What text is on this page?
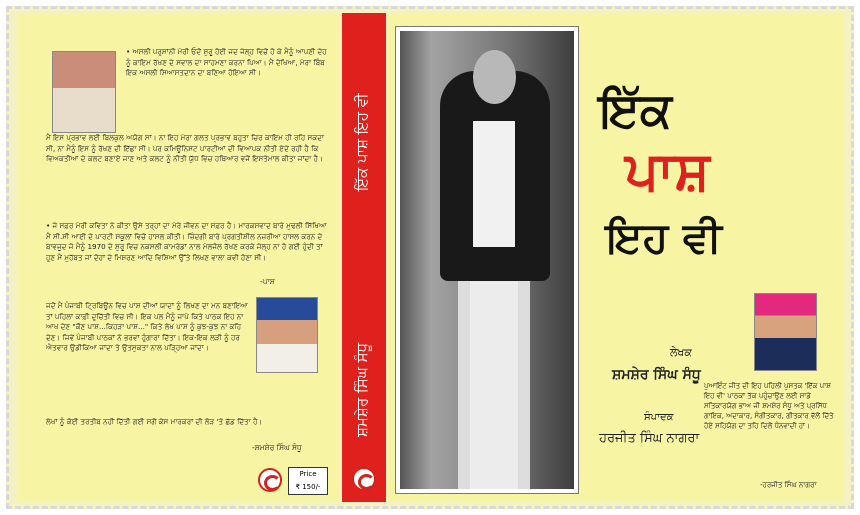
• ਅਸਲੀ ਪਰੁਸ਼ਾਂਨੀ ਮੇਰੀ ਓਦੋਂ ਸ਼ੁਰੂ ਹੋਈ ਜਦ ਜੇਲ੍ਹ ਵਿਚੋਂ ਹੋ ਕੇ ਮੈਨੂੰ ਆਪਣੀ ਦੇਹ ਨੂੰ ਕਾਇਮ ਰੱਖਣ ਦੇ ਸਵਾਲ ਦਾ ਸਾਹਮਣਾ ਕਰਨਾ ਪਿਆ। ਮੈਂ ਦੇਖਿਆ, ਮੇਰਾ ਬਿੰਬ ਇਕ ਅਸਲੀ ਸਿਆਸਤਦਾਨ ਦਾ ਬਣਿਆ ਹੋਇਆ ਸੀ।

ਮੈਂ ਇਸ ਪ੍ਰਭਾਵ ਲਈ ਬਿਲਕੁਲ ਅਯੋਗ ਸਾਂ। ਨਾ ਇਹ ਮੇਰਾ ਗਲਤ ਪ੍ਰਭਾਵ ਬਹੁਤਾ ਚਿਰ ਕਾਇਮ ਹੀ ਰਹਿ ਸਕਦਾ ਸੀ, ਨਾ ਮੈਨੂੰ ਇਸ ਨੂੰ ਰੱਖਣ ਦੀ ਇੱਛਾ ਸੀ। ਪਰ ਕਮਿਊਨਿਸਟ ਪਾਰਟੀਆਂ ਦੀ ਵਿਆਪਕ ਨੀਤੀ ਏਦੇਂ ਰਹੀ ਹੈ ਕਿ ਵਿਅਕਤੀਆਂ ਦੇ ਕਲਟ ਬਣਾਏ ਜਾਣ ਅਤੇ ਕਲਟ ਨੂੰ ਨੀਤੀ ਯੁੱਧ ਵਿਚ ਹਥਿਆਰ ਵਜੋਂ ਇਸਤੇਮਾਲ ਕੀਤਾ ਜਾਂਦਾ ਹੈ।

• ਜੇ ਸਫ਼ਰ ਮੇਰੀ ਕਵਿਤਾ ਨੇ ਕੀਤਾ ਉਸੇ ਤਰ੍ਹਾਂ ਦਾ ਮੇਰੇ ਜੀਵਨ ਦਾ ਸਫ਼ਰ ਹੈ। ਮਾਰਕਸਵਾਦ ਬਾਰੇ ਮੁਢਲੀ ਸਿੱਖਿਆ ਮੈਂ ਸੀ.ਸੀ ਆਈ ਦੇ ਪਾਰਟੀ ਸਕੂਲਾਂ ਵਿਚੋਂ ਹਾਸਲ ਕੀਤੀ। ਜ਼ਿੰਦਗੀ ਬਾਰੇ ਪ੍ਰਗਤੀਸ਼ੀਲ ਨਜ਼ਰੀਆ ਹਾਸਲ ਕਰਨ ਦੇ ਬਾਵਜੂਦ ਜੇ ਮੈਨੂੰ 1970 ਦੇ ਸ਼ੁਰੂ ਵਿਚ ਨਕਸਲੀ ਕਾਮਰੇਡਾਂ ਨਾਲ ਮੇਲਜੋਲ ਰੱਖਣ ਕਰਕੇ ਜੇਲ੍ਹ ਨਾ ਹੋ ਗਈ ਹੁੰਦੀ ਤਾਂ ਹੁਣ ਮੈਂ ਮੁਹੱਬਤ ਜਾਂ ਦੋਹਾਂ ਦੇ ਮਿਸ਼ਰਣ ਆਦਿ ਵਿਸ਼ਿਆਂ ਉੱਤੇ ਲਿਖਣ ਵਾਲਾ ਕਵੀ ਹੋਣਾ ਸੀ।

-ਪਾਸ਼

ਜਦੋਂ ਮੈਂ ਪੰਜਾਬੀ ਟ੍ਰਿਬਿਊਨ ਵਿਚ ਪਾਸ਼ ਦੀਆਂ ਯਾਦਾਂ ਨੂੰ ਲਿਖਣ ਦਾ ਮਨ ਬਣਾਇਆ ਤਾਂ ਪਹਿਲਾਂ ਕਾਫ਼ੀ ਦੁਚਿੱਤੀ ਵਿਚ ਸੀ। ਇਕ ਪਲ ਮੈਨੂੰ ਜਾਪੇ ਕਿਤੇ ਪਾਠਕ ਇਹ ਨਾ ਆਖ ਦੇਣ "ਕੌਣ ਪਾਸ਼...ਕਿਹੜਾ ਪਾਸ਼..." ਕਿਤੇ ਲੇਖ ਪਾਸ਼ ਨੂੰ ਕੁਝ-ਕੁਝ ਨਾ ਕਹਿ ਦੇਣ। ਜਿਵੇਂ ਪੰਜਾਬੀ ਪਾਠਕਾਂ ਨੇ ਭਰਵਾਂ ਹੁੰਗਾਰਾ ਦਿੱਤਾ। ਇਕ-ਇਕ ਲੜੀ ਨੂੰ ਹਰ ਐਤਵਾਰ ਉਡੀਕਿਆ ਜਾਂਦਾ ਤੇ ਉਤਸੁਕਤਾ ਨਾਲ ਪੜ੍ਹਿਆ ਜਾਂਦਾ।

ਲੇਖਾਂ ਨੂੰ ਕੋਈ ਤਰਤੀਬ ਨਹੀਂ ਦਿੱਤੀ ਗਈ ਸਗੋਂ ਕੇਸ ਮਾਰਕਰਾਂ ਦੀ ਲੋੜ 'ਤੇ ਛੱਡ ਦਿੱਤਾ ਹੈ।

-ਸ਼ਮਸ਼ੇਰ ਸਿੰਘ ਸੰਧੂ
Price
₹ 150/-
ਇੱਕ ਪਾਸ਼ ਇਹ ਵੀ
ਸ਼ਮਸ਼ੇਰ ਸਿੰਘ ਸੰਧੂ
ਇੱਕ
ਪਾਸ਼
ਇਹ ਵੀ
ਲੇਖਕ
ਸ਼ਮਸ਼ੇਰ ਸਿੰਘ ਸੰਧੂ
ਸੰਪਾਦਕ
ਹਰਜੀਤ ਸਿੰਘ ਨਾਗਰਾ

ਪੁਆਇੰਟ ਜੀਤ ਦੀ ਇਹ ਪਹਿਲੀ ਪੁਸਤਕ 'ਇੱਕ ਪਾਸ਼ ਇਹ ਵੀ' ਪਾਠਕਾਂ ਤੱਕ ਪਹੁੰਚਾਉਣ ਲਈ ਸਾਡੇ ਸਤਿਕਾਰਯੋਗ ਭਾਅ ਜੀ ਸ਼ਮਸ਼ੇਰ ਸੰਧੂ ਅਤੇ ਪ੍ਰਸਿੱਧ ਗਾਇਕ, ਅਦਾਕਾਰ, ਸੰਗੀਤਕਾਰ, ਗੀਤਕਾਰ ਵੱਲੋਂ ਦਿੱਤੇ ਹੋਏ ਸਹਿਯੋਗ ਦਾ ਤਹਿ ਦਿਲੋਂ ਧੰਨਵਾਦੀ ਹਾਂ।

-ਹਰਜੀਤ ਸਿੰਘ ਨਾਗਰਾ
